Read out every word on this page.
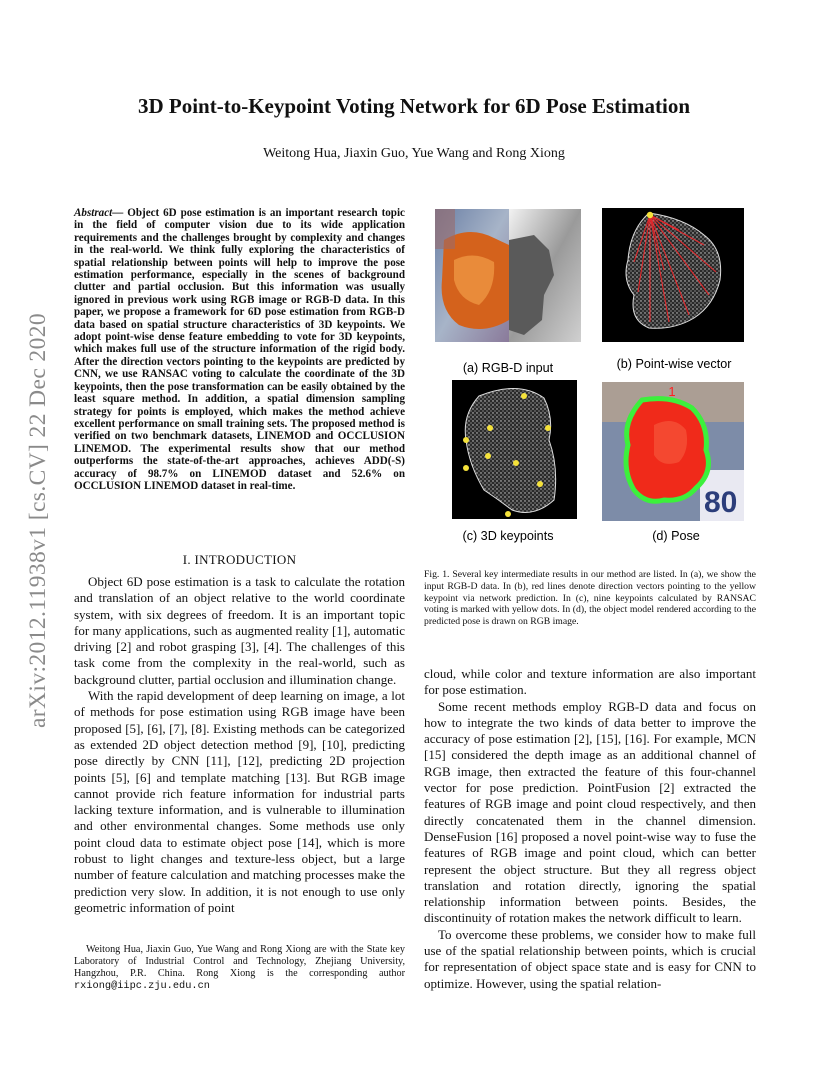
arXiv:2012.11938v1 [cs.CV] 22 Dec 2020
3D Point-to-Keypoint Voting Network for 6D Pose Estimation
Weitong Hua, Jiaxin Guo, Yue Wang and Rong Xiong

Abstract— Object 6D pose estimation is an important research topic in the field of computer vision due to its wide application requirements and the challenges brought by complexity and changes in the real-world. We think fully exploring the characteristics of spatial relationship between points will help to improve the pose estimation performance, especially in the scenes of background clutter and partial occlusion. But this information was usually ignored in previous work using RGB image or RGB-D data. In this paper, we propose a framework for 6D pose estimation from RGB-D data based on spatial structure characteristics of 3D keypoints. We adopt point-wise dense feature embedding to vote for 3D keypoints, which makes full use of the structure information of the rigid body. After the direction vectors pointing to the keypoints are predicted by CNN, we use RANSAC voting to calculate the coordinate of the 3D keypoints, then the pose transformation can be easily obtained by the least square method. In addition, a spatial dimension sampling strategy for points is employed, which makes the method achieve excellent performance on small training sets. The proposed method is verified on two benchmark datasets, LINEMOD and OCCLUSION LINEMOD. The experimental results show that our method outperforms the state-of-the-art approaches, achieves ADD(-S) accuracy of 98.7% on LINEMOD dataset and 52.6% on OCCLUSION LINEMOD dataset in real-time.

I. INTRODUCTION

Object 6D pose estimation is a task to calculate the rotation and translation of an object relative to the world coordinate system, with six degrees of freedom. It is an important topic for many applications, such as augmented reality [1], automatic driving [2] and robot grasping [3], [4]. The challenges of this task come from the complexity in the real-world, such as background clutter, partial occlusion and illumination change.

With the rapid development of deep learning on image, a lot of methods for pose estimation using RGB image have been proposed [5], [6], [7], [8]. Existing methods can be categorized as extended 2D object detection method [9], [10], predicting pose directly by CNN [11], [12], predicting 2D projection points [5], [6] and template matching [13]. But RGB image cannot provide rich feature information for industrial parts lacking texture information, and is vulnerable to illumination and other environmental changes. Some methods use only point cloud data to estimate object pose [14], which is more robust to light changes and texture-less object, but a large number of feature calculation and matching processes make the prediction very slow. In addition, it is not enough to use only geometric information of point

Weitong Hua, Jiaxin Guo, Yue Wang and Rong Xiong are with the State key Laboratory of Industrial Control and Technology, Zhejiang University, Hangzhou, P.R. China. Rong Xiong is the corresponding author rxiong@iipc.zju.edu.cn
(a) RGB-D input	(b) Point-wise vector
(c) 3D keypoints
80
1
(d) Pose
Fig. 1. Several key intermediate results in our method are listed. In (a), we show the input RGB-D data. In (b), red lines denote direction vectors pointing to the yellow keypoint via network prediction. In (c), nine keypoints calculated by RANSAC voting is marked with yellow dots. In (d), the object model rendered according to the predicted pose is drawn on RGB image.

cloud, while color and texture information are also important for pose estimation.

Some recent methods employ RGB-D data and focus on how to integrate the two kinds of data better to improve the accuracy of pose estimation [2], [15], [16]. For example, MCN [15] considered the depth image as an additional channel of RGB image, then extracted the feature of this four-channel vector for pose prediction. PointFusion [2] extracted the features of RGB image and point cloud respectively, and then directly concatenated them in the channel dimension. DenseFusion [16] proposed a novel point-wise way to fuse the features of RGB image and point cloud, which can better represent the object structure. But they all regress object translation and rotation directly, ignoring the spatial relationship information between points. Besides, the discontinuity of rotation makes the network difficult to learn.

To overcome these problems, we consider how to make full use of the spatial relationship between points, which is crucial for representation of object space state and is easy for CNN to optimize. However, using the spatial relation-
